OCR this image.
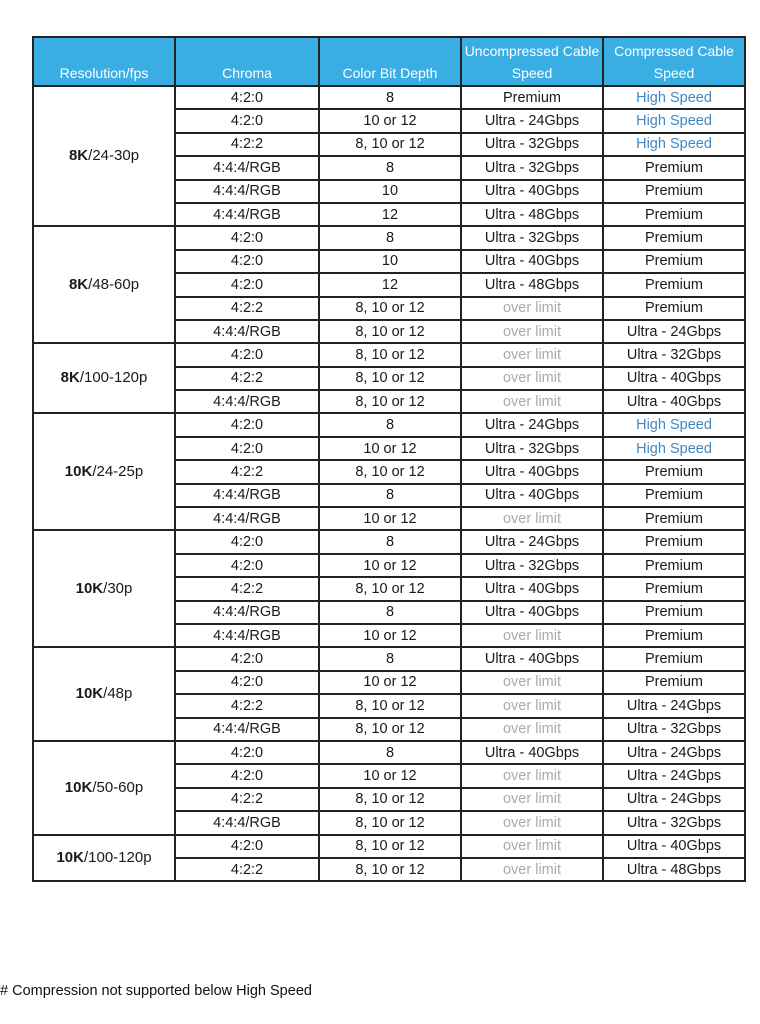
Resolution/fps	Chroma	Color Bit Depth	Uncompressed Cable Speed	Compressed Cable Speed
8K/24-30p	4:2:0	8	Premium	High Speed
	4:2:0	10 or 12	Ultra - 24Gbps	High Speed
	4:2:2	8, 10 or 12	Ultra - 32Gbps	High Speed
	4:4:4/RGB	8	Ultra - 32Gbps	Premium
	4:4:4/RGB	10	Ultra - 40Gbps	Premium
	4:4:4/RGB	12	Ultra - 48Gbps	Premium
8K/48-60p	4:2:0	8	Ultra - 32Gbps	Premium
	4:2:0	10	Ultra - 40Gbps	Premium
	4:2:0	12	Ultra - 48Gbps	Premium
	4:2:2	8, 10 or 12	over limit	Premium
	4:4:4/RGB	8, 10 or 12	over limit	Ultra - 24Gbps
8K/100-120p	4:2:0	8, 10 or 12	over limit	Ultra - 32Gbps
	4:2:2	8, 10 or 12	over limit	Ultra - 40Gbps
	4:4:4/RGB	8, 10 or 12	over limit	Ultra - 40Gbps
10K/24-25p	4:2:0	8	Ultra - 24Gbps	High Speed
	4:2:0	10 or 12	Ultra - 32Gbps	High Speed
	4:2:2	8, 10 or 12	Ultra - 40Gbps	Premium
	4:4:4/RGB	8	Ultra - 40Gbps	Premium
	4:4:4/RGB	10 or 12	over limit	Premium
10K/30p	4:2:0	8	Ultra - 24Gbps	Premium
	4:2:0	10 or 12	Ultra - 32Gbps	Premium
	4:2:2	8, 10 or 12	Ultra - 40Gbps	Premium
	4:4:4/RGB	8	Ultra - 40Gbps	Premium
	4:4:4/RGB	10 or 12	over limit	Premium
10K/48p	4:2:0	8	Ultra - 40Gbps	Premium
	4:2:0	10 or 12	over limit	Premium
	4:2:2	8, 10 or 12	over limit	Ultra - 24Gbps
	4:4:4/RGB	8, 10 or 12	over limit	Ultra - 32Gbps
10K/50-60p	4:2:0	8	Ultra - 40Gbps	Ultra - 24Gbps
	4:2:0	10 or 12	over limit	Ultra - 24Gbps
	4:2:2	8, 10 or 12	over limit	Ultra - 24Gbps
	4:4:4/RGB	8, 10 or 12	over limit	Ultra - 32Gbps
10K/100-120p	4:2:0	8, 10 or 12	over limit	Ultra - 40Gbps
	4:2:2	8, 10 or 12	over limit	Ultra - 48Gbps
# Compression not supported below High Speed
